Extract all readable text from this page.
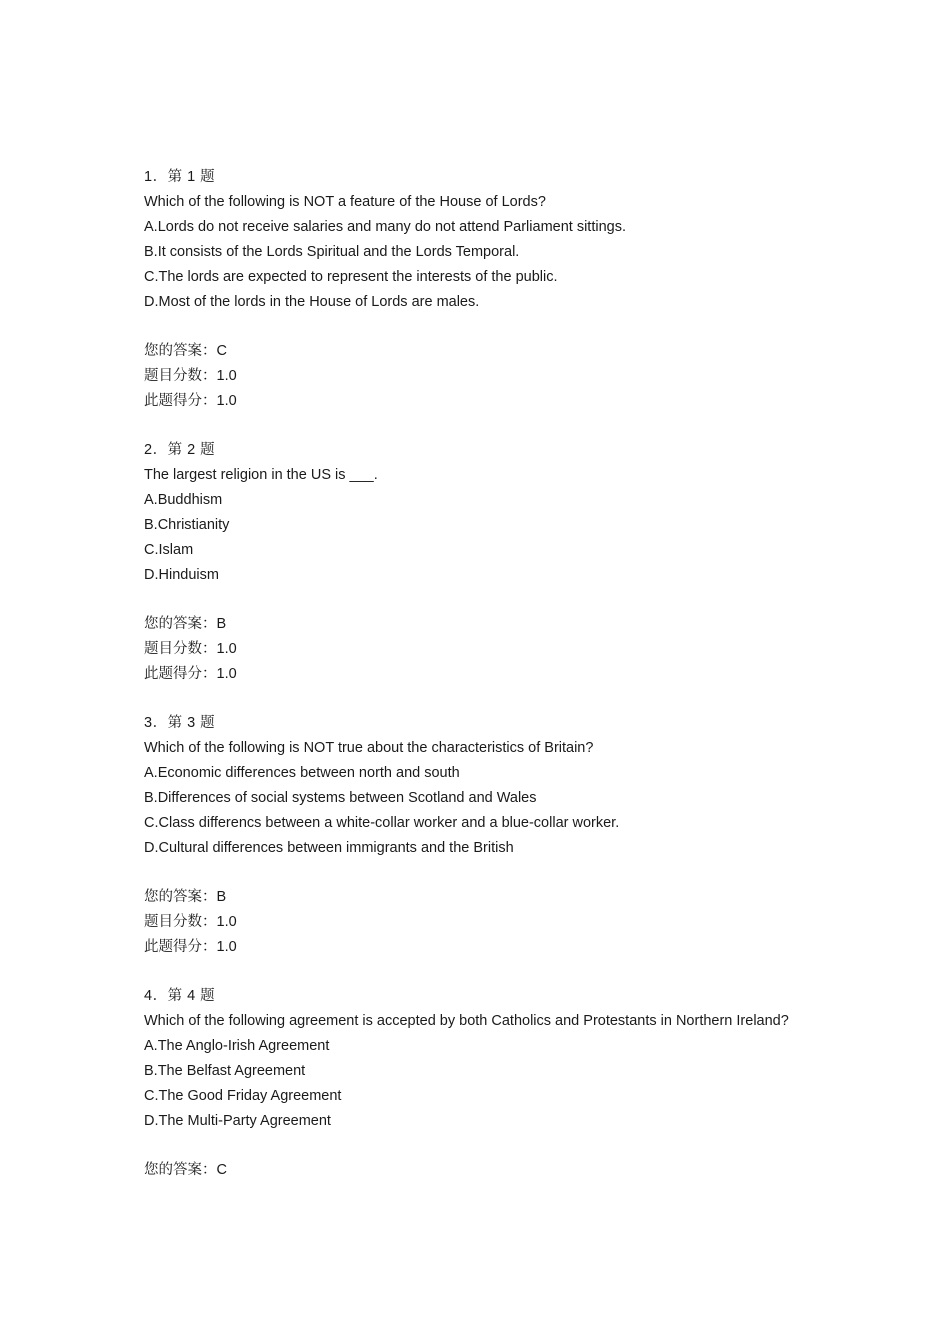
1．第 1 题
Which of the following is NOT a feature of the House of Lords?
A.Lords do not receive salaries and many do not attend Parliament sittings.
B.It consists of the Lords Spiritual and the Lords Temporal.
C.The lords are expected to represent the interests of the public.
D.Most of the lords in the House of Lords are males.
您的答案：C
题目分数：1.0
此题得分：1.0
2．第 2 题
The largest religion in the US is ___.
A.Buddhism
B.Christianity
C.Islam
D.Hinduism
您的答案：B
题目分数：1.0
此题得分：1.0
3．第 3 题
Which of the following is NOT true about the characteristics of Britain?
A.Economic differences between north and south
B.Differences of social systems between Scotland and Wales
C.Class differencs between a white-collar worker and a blue-collar worker.
D.Cultural differences between immigrants and the British
您的答案：B
题目分数：1.0
此题得分：1.0
4．第 4 题
Which of the following agreement is accepted by both Catholics and Protestants in Northern Ireland?
A.The Anglo-Irish Agreement
B.The Belfast Agreement
C.The Good Friday Agreement
D.The Multi-Party Agreement
您的答案：C
